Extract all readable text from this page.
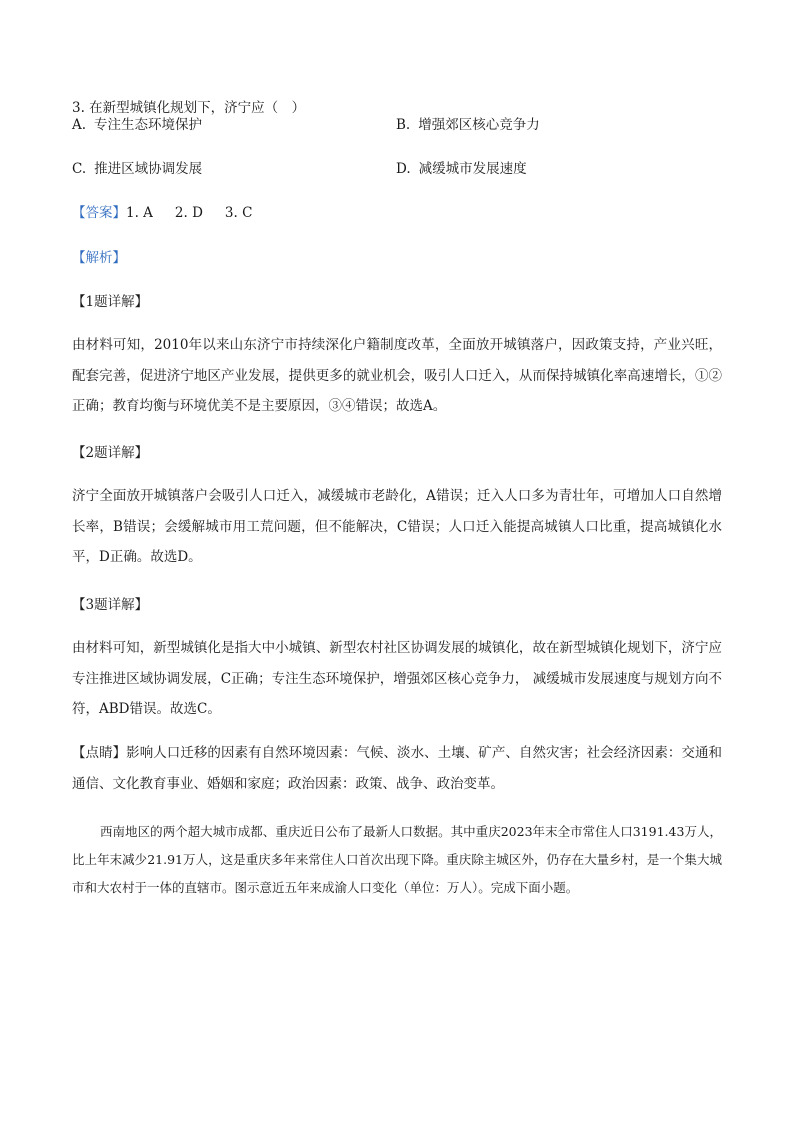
3. 在新型城镇化规划下，济宁应（　）
A. 专注生态环境保护	B. 增强郊区核心竞争力
C. 推进区域协调发展	D. 减缓城市发展速度
【答案】1. A 2. D 3. C
【解析】
【1题详解】
由材料可知，2010年以来山东济宁市持续深化户籍制度改革，全面放开城镇落户，因政策支持，产业兴旺，配套完善，促进济宁地区产业发展，提供更多的就业机会，吸引人口迁入，从而保持城镇化率高速增长，①②正确；教育均衡与环境优美不是主要原因，③④错误；故选A。
【2题详解】
济宁全面放开城镇落户会吸引人口迁入，减缓城市老龄化，A错误；迁入人口多为青壮年，可增加人口自然增长率，B错误；会缓解城市用工荒问题，但不能解决，C错误；人口迁入能提高城镇人口比重，提高城镇化水平，D正确。故选D。
【3题详解】
由材料可知，新型城镇化是指大中小城镇、新型农村社区协调发展的城镇化，故在新型城镇化规划下，济宁应专注推进区域协调发展，C正确；专注生态环境保护，增强郊区核心竞争力， 减缓城市发展速度与规划方向不符，ABD错误。故选C。
【点睛】影响人口迁移的因素有自然环境因素：气候、淡水、土壤、矿产、自然灾害；社会经济因素：交通和通信、文化教育事业、婚姻和家庭；政治因素：政策、战争、政治变革。
西南地区的两个超大城市成都、重庆近日公布了最新人口数据。其中重庆2023年末全市常住人口3191.43万人，比上年末减少21.91万人，这是重庆多年来常住人口首次出现下降。重庆除主城区外，仍存在大量乡村，是一个集大城市和大农村于一体的直辖市。图示意近五年来成渝人口变化（单位：万人）。完成下面小题。
